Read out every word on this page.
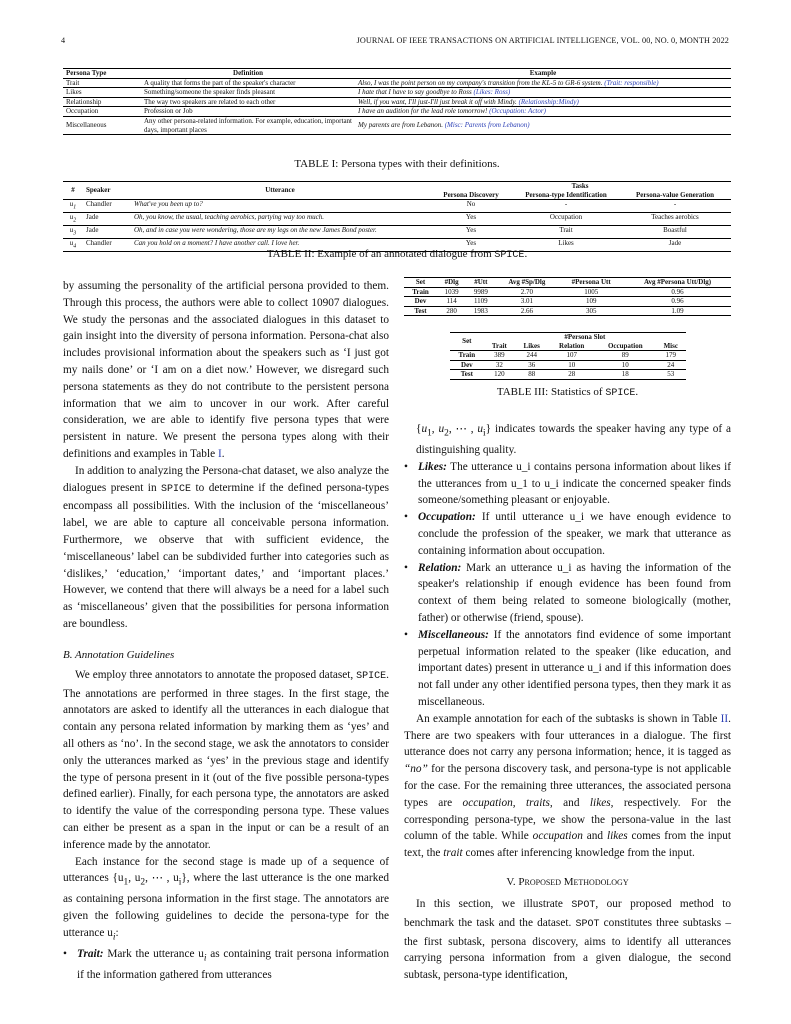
4	JOURNAL OF IEEE TRANSACTIONS ON ARTIFICIAL INTELLIGENCE, VOL. 00, NO. 0, MONTH 2022
Persona Type	Definition	Example
Trait	A quality that forms the part of the speaker's character	Also, I was the point person on my company's transition from the KL-5 to GR-6 system. (Trait: responsible)
Likes	Something/someone the speaker finds pleasant	I hate that I have to say goodbye to Ross (Likes: Ross)
Relationship	The way two speakers are related to each other	Well, if you want, I'll just-I'll just break it off with Mindy. (Relationship:Mindy)
Occupation	Profession or Job	I have an audition for the lead role tomorrow! (Occupation: Actor)
Miscellaneous	Any other persona-related information. For example, education, important days, important places	My parents are from Lebanon. (Misc: Parents from Lebanon)
TABLE I: Persona types with their definitions.
#	Speaker	Utterance	Tasks		
			Persona Discovery	Persona-type Identification	Persona-value Generation
$u_1$	Chandler	What've you been up to?	No	-	-
$u_2$	Jade	Oh, you know, the usual, teaching aerobics, partying way too much.	Yes	Occupation	Teaches aerobics
$u_3$	Jade	Oh, and in case you were wondering, those are my legs on the new James Bond poster.	Yes	Trait	Boastful
$u_4$	Chandler	Can you hold on a moment? I have another call. I love her.	Yes	Likes	Jade
TABLE II: Example of an annotated dialogue from SPICE.
Set	#Dlg	#Utt	Avg #Sp/Dlg	#Persona Utt	Avg #Persona Utt/Dlg)
Train	1039	9989	2.70	1005	0.96
Dev	114	1109	3.01	109	0.96
Test	280	1983	2.66	305	1.09
Set	#Persona Slot				
	Trait	Likes	Relation	Occupation	Misc
Train	389	244	107	89	179
Dev	32	36	10	10	24
Test	120	88	28	18	53
TABLE III: Statistics of SPICE.

by assuming the personality of the artificial persona provided to them. Through this process, the authors were able to collect 10907 dialogues. We study the personas and the associated dialogues in this dataset to gain insight into the diversity of persona information. Persona-chat also includes provisional information about the speakers such as ‘I just got my nails done’ or ‘I am on a diet now.’ However, we disregard such persona statements as they do not contribute to the persistent persona information that we aim to uncover in our work. After careful consideration, we are able to identify five persona types that were persistent in nature. We present the persona types along with their definitions and examples in Table I.

In addition to analyzing the Persona-chat dataset, we also analyze the dialogues present in SPICE to determine if the defined persona-types encompass all possibilities. With the inclusion of the ‘miscellaneous’ label, we are able to capture all conceivable persona information. Furthermore, we observe that with sufficient evidence, the ‘miscellaneous’ label can be subdivided further into categories such as ‘dislikes,’ ‘education,’ ‘important dates,’ and ‘important places.’ However, we contend that there will always be a need for a label such as ‘miscellaneous’ given that the possibilities for persona information are boundless.

B. Annotation Guidelines

We employ three annotators to annotate the proposed dataset, SPICE. The annotations are performed in three stages. In the first stage, the annotators are asked to identify all the utterances in each dialogue that contain any persona related information by marking them as ‘yes’ and all others as ‘no’. In the second stage, we ask the annotators to consider only the utterances marked as ‘yes’ in the previous stage and identify the type of persona present in it (out of the five possible persona-types defined earlier). Finally, for each persona type, the annotators are asked to identify the value of the corresponding persona type. These values can either be present as a span in the input or can be a result of an inference made by the annotator.

Each instance for the second stage is made up of a sequence of utterances {$u_1$, $u_2$, ⋯ , $u_i$}, where the last utterance is the one marked as containing persona information in the first stage. The annotators are given the following guidelines to decide the persona-type for the utterance $u_i$:

• Trait: Mark the utterance $u_i$ as containing trait persona information if the information gathered from utterances

{$u_1$, $u_2$, ⋯ , $u_i$} indicates towards the speaker having any type of a distinguishing quality.

• Likes: The utterance u_i contains persona information about likes if the utterances from u_1 to u_i indicate the concerned speaker finds someone/something pleasant or enjoyable.

• Occupation: If until utterance u_i we have enough evidence to conclude the profession of the speaker, we mark that utterance as containing information about occupation.

• Relation: Mark an utterance u_i as having the information of the speaker's relationship if enough evidence has been found from context of them being related to someone biologically (mother, father) or otherwise (friend, spouse).

• Miscellaneous: If the annotators find evidence of some important perpetual information related to the speaker (like education, and important dates) present in utterance u_i and if this information does not fall under any other identified persona types, then they mark it as miscellaneous.

An example annotation for each of the subtasks is shown in Table II. There are two speakers with four utterances in a dialogue. The first utterance does not carry any persona information; hence, it is tagged as “no” for the persona discovery task, and persona-type is not applicable for the case. For the remaining three utterances, the associated persona types are occupation, traits, and likes, respectively. For the corresponding persona-type, we show the persona-value in the last column of the table. While occupation and likes comes from the input text, the trait comes after inferencing knowledge from the input.

V. Proposed Methodology

In this section, we illustrate SPOT, our proposed method to benchmark the task and the dataset. SPOT constitutes three subtasks – the first subtask, persona discovery, aims to identify all utterances carrying persona information from a given dialogue, the second subtask, persona-type identification,
